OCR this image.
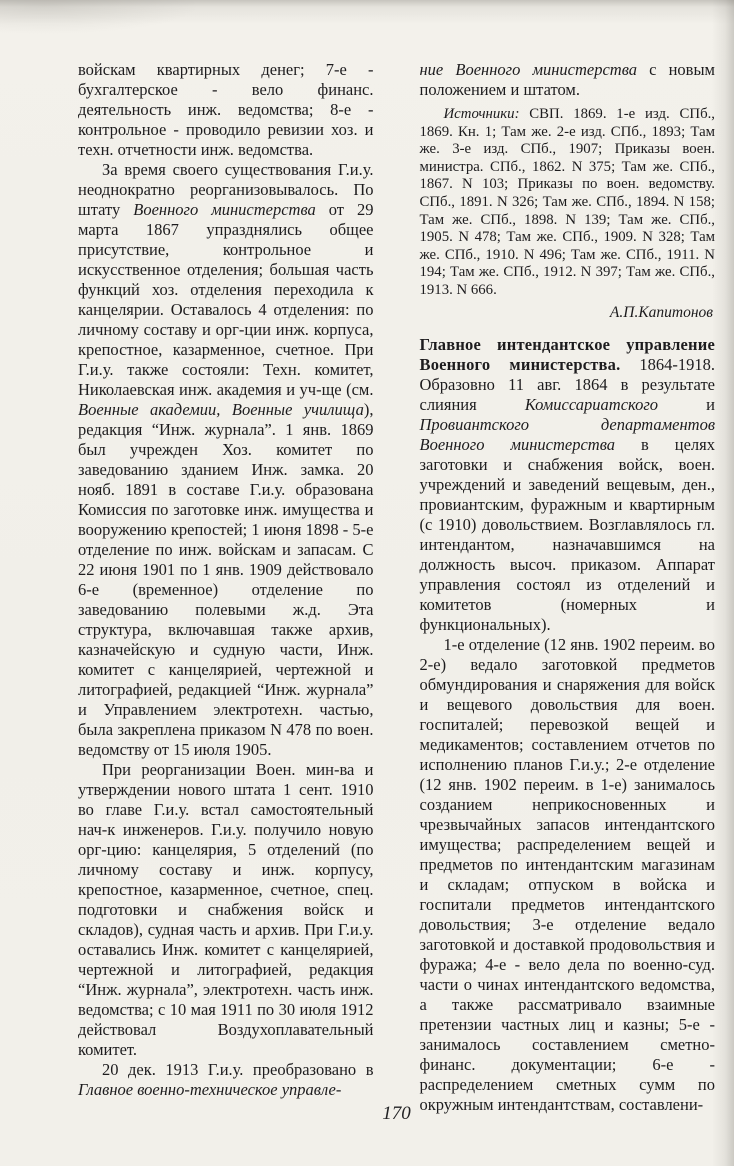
войскам квартирных денег; 7-е - бухгалтерское - вело финанс. деятельность инж. ведомства; 8-е - контрольное - проводило ревизии хоз. и техн. отчетности инж. ведомства.

За время своего существования Г.и.у. неоднократно реорганизовывалось. По штату Военного министерства от 29 марта 1867 упразднялись общее присутствие, контрольное и искусственное отделения; большая часть функций хоз. отделения переходила к канцелярии. Оставалось 4 отделения: по личному составу и орг-ции инж. корпуса, крепостное, казарменное, счетное. При Г.и.у. также состояли: Техн. комитет, Николаевская инж. академия и уч-ще (см. Военные академии, Военные училища), редакция “Инж. журнала”. 1 янв. 1869 был учрежден Хоз. комитет по заведованию зданием Инж. замка. 20 нояб. 1891 в составе Г.и.у. образована Комиссия по заготовке инж. имущества и вооружению крепостей; 1 июня 1898 - 5-е отделение по инж. войскам и запасам. С 22 июня 1901 по 1 янв. 1909 действовало 6-е (временное) отделение по заведованию полевыми ж.д. Эта структура, включавшая также архив, казначейскую и судную части, Инж. комитет с канцелярией, чертежной и литографией, редакцией “Инж. журнала” и Управлением электротехн. частью, была закреплена приказом N 478 по воен. ведомству от 15 июля 1905.

При реорганизации Воен. мин-ва и утверждении нового штата 1 сент. 1910 во главе Г.и.у. встал самостоятельный нач-к инженеров. Г.и.у. получило новую орг-цию: канцелярия, 5 отделений (по личному составу и инж. корпусу, крепостное, казарменное, счетное, спец. подготовки и снабжения войск и складов), судная часть и архив. При Г.и.у. оставались Инж. комитет с канцелярией, чертежной и литографией, редакция “Инж. журнала”, электротехн. часть инж. ведомства; с 10 мая 1911 по 30 июля 1912 действовал Воздухоплавательный комитет.

20 дек. 1913 Г.и.у. преобразовано в Главное военно-техническое управле-

ние Военного министерства с новым положением и штатом.

Источники: СВП. 1869. 1-е изд. СПб., 1869. Кн. 1; Там же. 2-е изд. СПб., 1893; Там же. 3-е изд. СПб., 1907; Приказы воен. министра. СПб., 1862. N 375; Там же. СПб., 1867. N 103; Приказы по воен. ведомству. СПб., 1891. N 326; Там же. СПб., 1894. N 158; Там же. СПб., 1898. N 139; Там же. СПб., 1905. N 478; Там же. СПб., 1909. N 328; Там же. СПб., 1910. N 496; Там же. СПб., 1911. N 194; Там же. СПб., 1912. N 397; Там же. СПб., 1913. N 666.

А.П.Капитонов

Главное интендантское управление Военного министерства. 1864-1918. Образовно 11 авг. 1864 в результате слияния Комиссариатского и Провиантского департаментов Военного министерства в целях заготовки и снабжения войск, воен. учреждений и заведений вещевым, ден., провиантским, фуражным и квартирным (с 1910) довольствием. Возглавлялось гл. интендантом, назначавшимся на должность высоч. приказом. Аппарат управления состоял из отделений и комитетов (номерных и функциональных).

1-е отделение (12 янв. 1902 переим. во 2-е) ведало заготовкой предметов обмундирования и снаряжения для войск и вещевого довольствия для воен. госпиталей; перевозкой вещей и медикаментов; составлением отчетов по исполнению планов Г.и.у.; 2-е отделение (12 янв. 1902 переим. в 1-е) занималось созданием неприкосновенных и чрезвычайных запасов интендантского имущества; распределением вещей и предметов по интендантским магазинам и складам; отпуском в войска и госпитали предметов интендантского довольствия; 3-е отделение ведало заготовкой и доставкой продовольствия и фуража; 4-е - вело дела по военно-суд. части о чинах интендантского ведомства, а также рассматривало взаимные претензии частных лиц и казны; 5-е - занималось составлением сметно-финанс. документации; 6-е - распределением сметных сумм по окружным интендантствам, составлени-

170
